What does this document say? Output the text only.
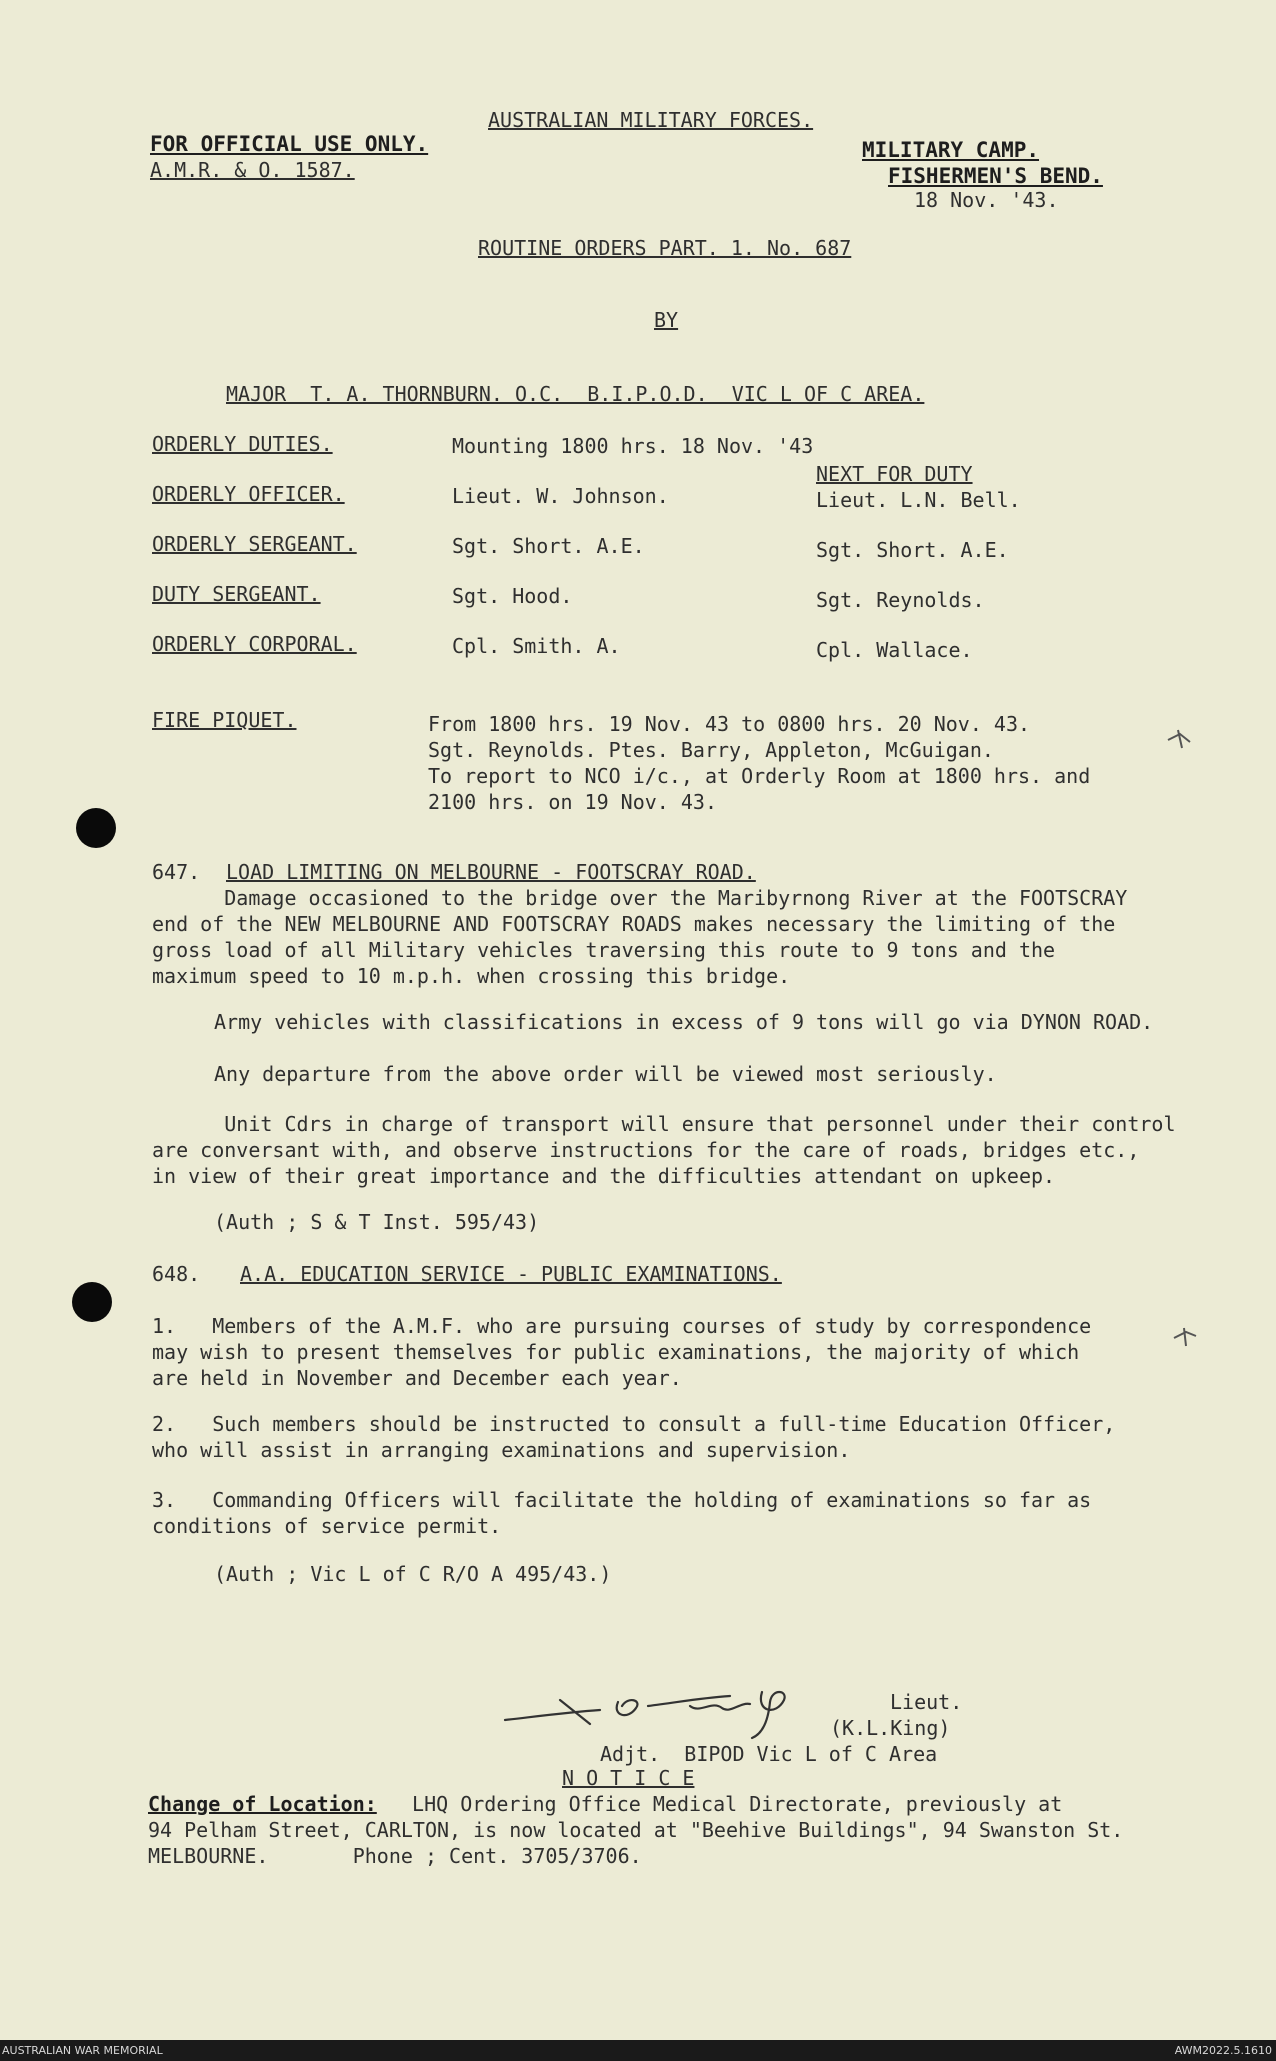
AUSTRALIAN MILITARY FORCES.
FOR OFFICIAL USE ONLY.
A.M.R. & O. 1587.
MILITARY CAMP.
FISHERMEN'S BEND.
18 Nov. '43.
ROUTINE ORDERS PART. 1. No. 687
BY
MAJOR  T. A. THORNBURN. O.C.  B.I.P.O.D.  VIC L OF C AREA.
ORDERLY DUTIES.	Mounting 1800 hrs. 18 Nov. '43
NEXT FOR DUTY
ORDERLY OFFICER.	Lieut. W. Johnson.	Lieut. L.N. Bell.
ORDERLY SERGEANT.	Sgt. Short. A.E.	Sgt. Short. A.E.
DUTY SERGEANT.	Sgt. Hood.	Sgt. Reynolds.
ORDERLY CORPORAL.	Cpl. Smith. A.	Cpl. Wallace.
FIRE PIQUET.	From 1800 hrs. 19 Nov. 43 to 0800 hrs. 20 Nov. 43.
Sgt. Reynolds. Ptes. Barry, Appleton, McGuigan.
To report to NCO i/c., at Orderly Room at 1800 hrs. and
2100 hrs. on 19 Nov. 43.
647. LOAD LIMITING ON MELBOURNE - FOOTSCRAY ROAD.
Damage occasioned to the bridge over the Maribyrnong River at the FOOTSCRAY
end of the NEW MELBOURNE AND FOOTSCRAY ROADS makes necessary the limiting of the
gross load of all Military vehicles traversing this route to 9 tons and the
maximum speed to 10 m.p.h. when crossing this bridge.
Army vehicles with classifications in excess of 9 tons will go via DYNON ROAD.
Any departure from the above order will be viewed most seriously.
Unit Cdrs in charge of transport will ensure that personnel under their control
are conversant with, and observe instructions for the care of roads, bridges etc.,
in view of their great importance and the difficulties attendant on upkeep.
(Auth ; S & T Inst. 595/43)
648. A.A. EDUCATION SERVICE - PUBLIC EXAMINATIONS.
1.   Members of the A.M.F. who are pursuing courses of study by correspondence
may wish to present themselves for public examinations, the majority of which
are held in November and December each year.
2.   Such members should be instructed to consult a full-time Education Officer,
who will assist in arranging examinations and supervision.
3.   Commanding Officers will facilitate the holding of examinations so far as
conditions of service permit.
(Auth ; Vic L of C R/O A 495/43.)
Lieut.
(K.L.King)
Adjt.  BIPOD Vic L of C Area
N O T I C E
Change of Location: LHQ Ordering Office Medical Directorate, previously at
94 Pelham Street, CARLTON, is now located at "Beehive Buildings", 94 Swanston St.
MELBOURNE.       Phone ; Cent. 3705/3706.
AUSTRALIAN WAR MEMORIAL	AWM2022.5.1610
